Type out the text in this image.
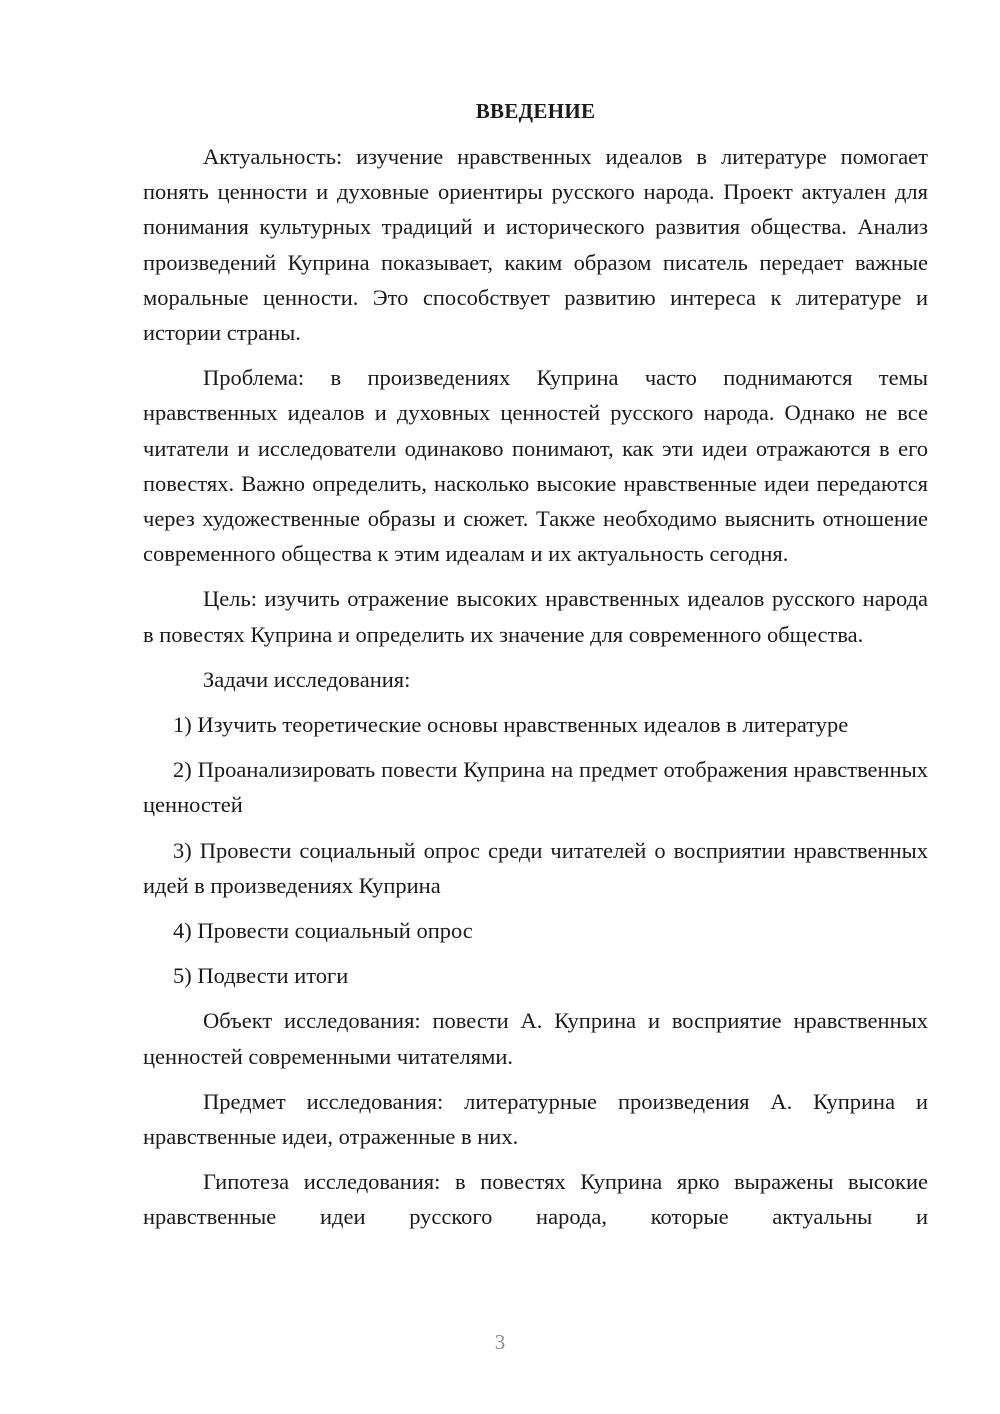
ВВЕДЕНИЕ

Актуальность: изучение нравственных идеалов в литературе помогает понять ценности и духовные ориентиры русского народа. Проект актуален для понимания культурных традиций и исторического развития общества. Анализ произведений Куприна показывает, каким образом писатель передает важные моральные ценности. Это способствует развитию интереса к литературе и истории страны.

Проблема: в произведениях Куприна часто поднимаются темы нравственных идеалов и духовных ценностей русского народа. Однако не все читатели и исследователи одинаково понимают, как эти идеи отражаются в его повестях. Важно определить, насколько высокие нравственные идеи передаются через художественные образы и сюжет. Также необходимо выяснить отношение современного общества к этим идеалам и их актуальность сегодня.

Цель: изучить отражение высоких нравственных идеалов русского народа в повестях Куприна и определить их значение для современного общества.

Задачи исследования:

1) Изучить теоретические основы нравственных идеалов в литературе

2) Проанализировать повести Куприна на предмет отображения нравственных ценностей

3) Провести социальный опрос среди читателей о восприятии нравственных идей в произведениях Куприна

4) Провести социальный опрос

5) Подвести итоги

Объект исследования: повести А. Куприна и восприятие нравственных ценностей современными читателями.

Предмет исследования: литературные произведения А. Куприна и нравственные идеи, отраженные в них.

Гипотеза исследования: в повестях Куприна ярко выражены высокие нравственные идеи русского народа, которые актуальны и

3
